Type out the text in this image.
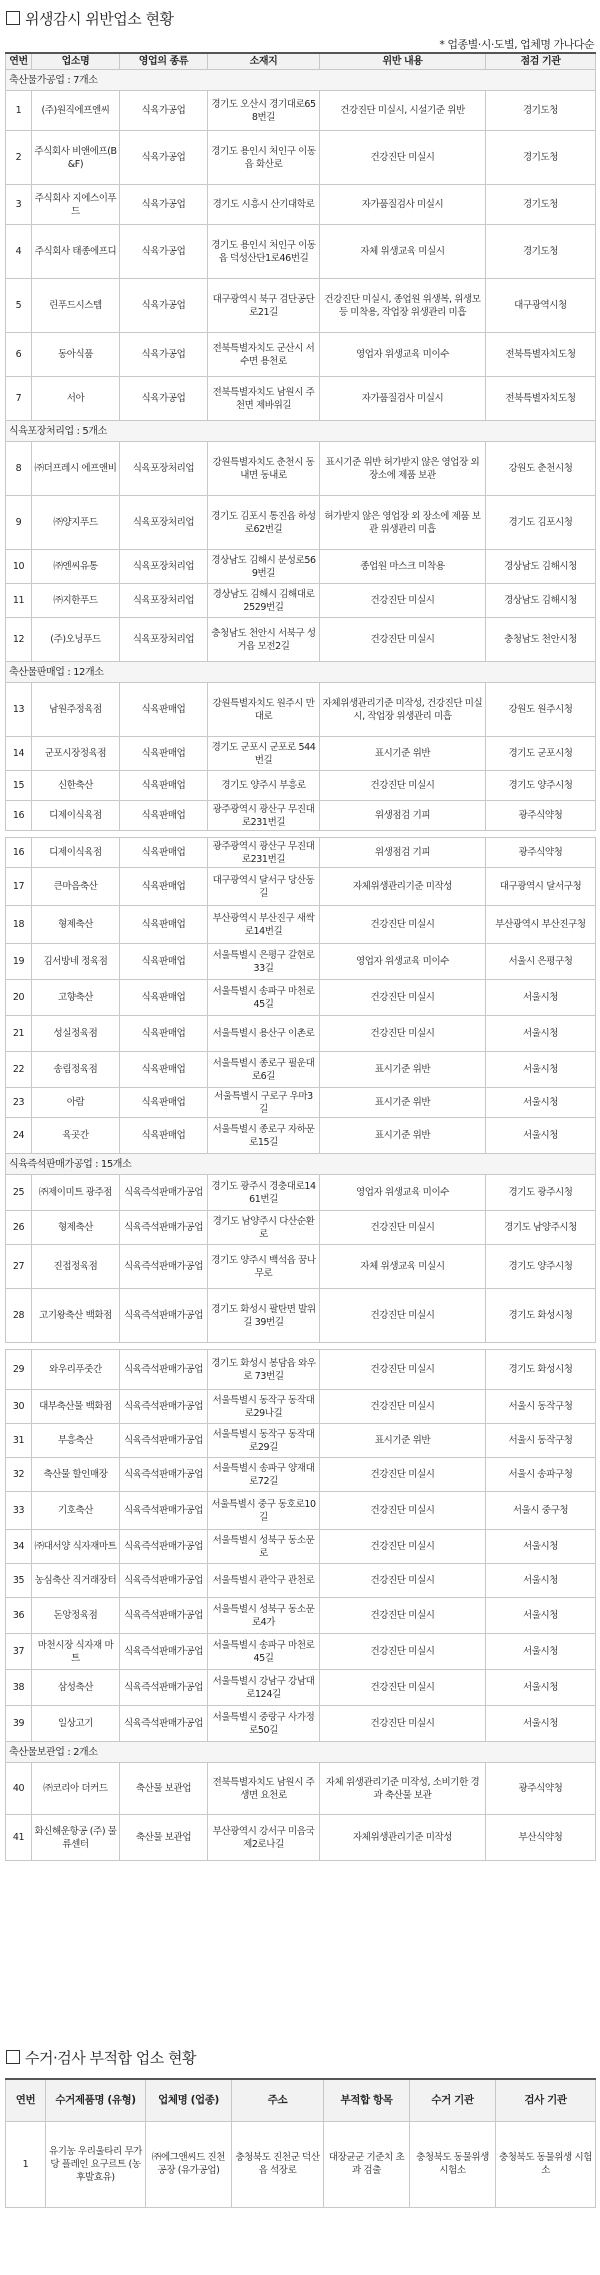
위생감시 위반업소 현황
* 업종별·시·도별, 업체명 가나다순
연번	업소명	영업의 종류	소재지	위반 내용	점검 기관
축산물가공업 : 7개소					
1	(주)원직에프엔씨	식육가공업	경기도 오산시 경기대로658번길	건강진단 미실시, 시설기준 위반	경기도청
2	주식회사 비앤에프(B&F)	식육가공업	경기도 용인시 처인구 이동읍 화산로	건강진단 미실시	경기도청
3	주식회사 지에스이푸드	식육가공업	경기도 시흥시 산기대학로	자가품질검사 미실시	경기도청
4	주식회사 태종에프디	식육가공업	경기도 용인시 처인구 이동읍 덕성산단1로46번길	자체 위생교육 미실시	경기도청
5	린푸드시스템	식육가공업	대구광역시 북구 검단공단로21길	건강진단 미실시, 종업원 위생복, 위생모 등 미착용, 작업장 위생관리 미흡	대구광역시청
6	동아식품	식육가공업	전북특별자치도 군산시 서수면 용천로	영업자 위생교육 미이수	전북특별자치도청
7	서아	식육가공업	전북특별자치도 남원시 주천면 제바위길	자가품질검사 미실시	전북특별자치도청
식육포장처리업 : 5개소					
8	㈜더프레시 에프앤비	식육포장처리업	강원특별자치도 춘천시 동내면 동내로	표시기준 위반 허가받지 않은 영업장 외 장소에 제품 보관	강원도 춘천시청
9	㈜양지푸드	식육포장처리업	경기도 김포시 통진읍 하성로62번길	허가받지 않은 영업장 외 장소에 제품 보관 위생관리 미흡	경기도 김포시청
10	㈜엔씨유통	식육포장처리업	경상남도 김해시 분성로569번길	종업원 마스크 미착용	경상남도 김해시청
11	㈜지한푸드	식육포장처리업	경상남도 김해시 김해대로 2529번길	건강진단 미실시	경상남도 김해시청
12	(주)오닝푸드	식육포장처리업	충청남도 천안시 서북구 성거읍 모전2길	건강진단 미실시	충청남도 천안시청
축산물판매업 : 12개소					
13	남원주정육점	식육판매업	강원특별자치도 원주시 만대로	자체위생관리기준 미작성, 건강진단 미실시, 작업장 위생관리 미흡	강원도 원주시청
14	군포시장정육점	식육판매업	경기도 군포시 군포로 544번길	표시기준 위반	경기도 군포시청
15	신한축산	식육판매업	경기도 양주시 부흥로	건강진단 미실시	경기도 양주시청
16	디제이식육점	식육판매업	광주광역시 광산구 무진대로231번길	위생점검 기피	광주식약청

16	디제이식육점	식육판매업	광주광역시 광산구 무진대로231번길	위생점검 기피	광주식약청
17	큰마음축산	식육판매업	대구광역시 달서구 당산동길	자체위생관리기준 미작성	대구광역시 달서구청
18	형제축산	식육판매업	부산광역시 부산진구 새싹로14번길	건강진단 미실시	부산광역시 부산진구청
19	김서방네 정육점	식육판매업	서울특별시 은평구 갈현로33길	영업자 위생교육 미이수	서울시 은평구청
20	고향축산	식육판매업	서울특별시 송파구 마천로45길	건강진단 미실시	서울시청
21	성실정육점	식육판매업	서울특별시 용산구 이촌로	건강진단 미실시	서울시청
22	송림정육점	식육판매업	서울특별시 종로구 필운대로6길	표시기준 위반	서울시청
23	아람	식육판매업	서울특별시 구로구 우마3길	표시기준 위반	서울시청
24	육곳간	식육판매업	서울특별시 종로구 자하문로15길	표시기준 위반	서울시청
식육즉석판매가공업 : 15개소					
25	㈜제이미트 광주점	식육즉석판매가공업	경기도 광주시 경충대로1461번길	영업자 위생교육 미이수	경기도 광주시청
26	형제축산	식육즉석판매가공업	경기도 남양주시 다산순환로	건강진단 미실시	경기도 남양주시청
27	진접정육점	식육즉석판매가공업	경기도 양주시 백석읍 꿈나무로	자체 위생교육 미실시	경기도 양주시청
28	고기왕축산 백화점	식육즉석판매가공업	경기도 화성시 팔탄면 발위길 39번길	건강진단 미실시	경기도 화성시청

29	와우리푸줏간	식육즉석판매가공업	경기도 화성시 봉담읍 와우로 73번길	건강진단 미실시	경기도 화성시청
30	대부축산물 백화점	식육즉석판매가공업	서울특별시 동작구 동작대로29나길	건강진단 미실시	서울시 동작구청
31	부흥축산	식육즉석판매가공업	서울특별시 동작구 동작대로29길	표시기준 위반	서울시 동작구청
32	축산물 할인매장	식육즉석판매가공업	서울특별시 송파구 양재대로72길	건강진단 미실시	서울시 송파구청
33	기호축산	식육즉석판매가공업	서울특별시 중구 동호로10길	건강진단 미실시	서울시 중구청
34	㈜대서양 식자재마트	식육즉석판매가공업	서울특별시 성북구 동소문로	건강진단 미실시	서울시청
35	농심축산 직거래장터	식육즉석판매가공업	서울특별시 관악구 관천로	건강진단 미실시	서울시청
36	돈앙정육점	식육즉석판매가공업	서울특별시 성북구 동소문로4가	건강진단 미실시	서울시청
37	마천시장 식자재 마트	식육즉석판매가공업	서울특별시 송파구 마천로45길	건강진단 미실시	서울시청
38	삼성축산	식육즉석판매가공업	서울특별시 강남구 강남대로124길	건강진단 미실시	서울시청
39	일상고기	식육즉석판매가공업	서울특별시 중랑구 사가정로50길	건강진단 미실시	서울시청
축산물보관업 : 2개소					
40	㈜코리아 더커드	축산물 보관업	전북특별자치도 남원시 주생면 요천로	자체 위생관리기준 미작성, 소비기한 경과 축산물 보관	광주식약청
41	화신해운항공 (주) 물류센터	축산물 보관업	부산광역시 강서구 미음국제2로나길	자체위생관리기준 미작성	부산식약청
수거·검사 부적합 업소 현황
연번	수거제품명 (유형)	업체명 (업종)	주소	부적합 항목	수거 기관	검사 기관
1	유기농 우리울타리 무가당 플레인 요구르트 (농후발효유)	㈜에그앤씨드 진천공장 (유가공업)	충청북도 진천군 덕산읍 석장로	대장균군 기준치 초과 검출	충청북도 동물위생 시험소	충청북도 동물위생 시험소
